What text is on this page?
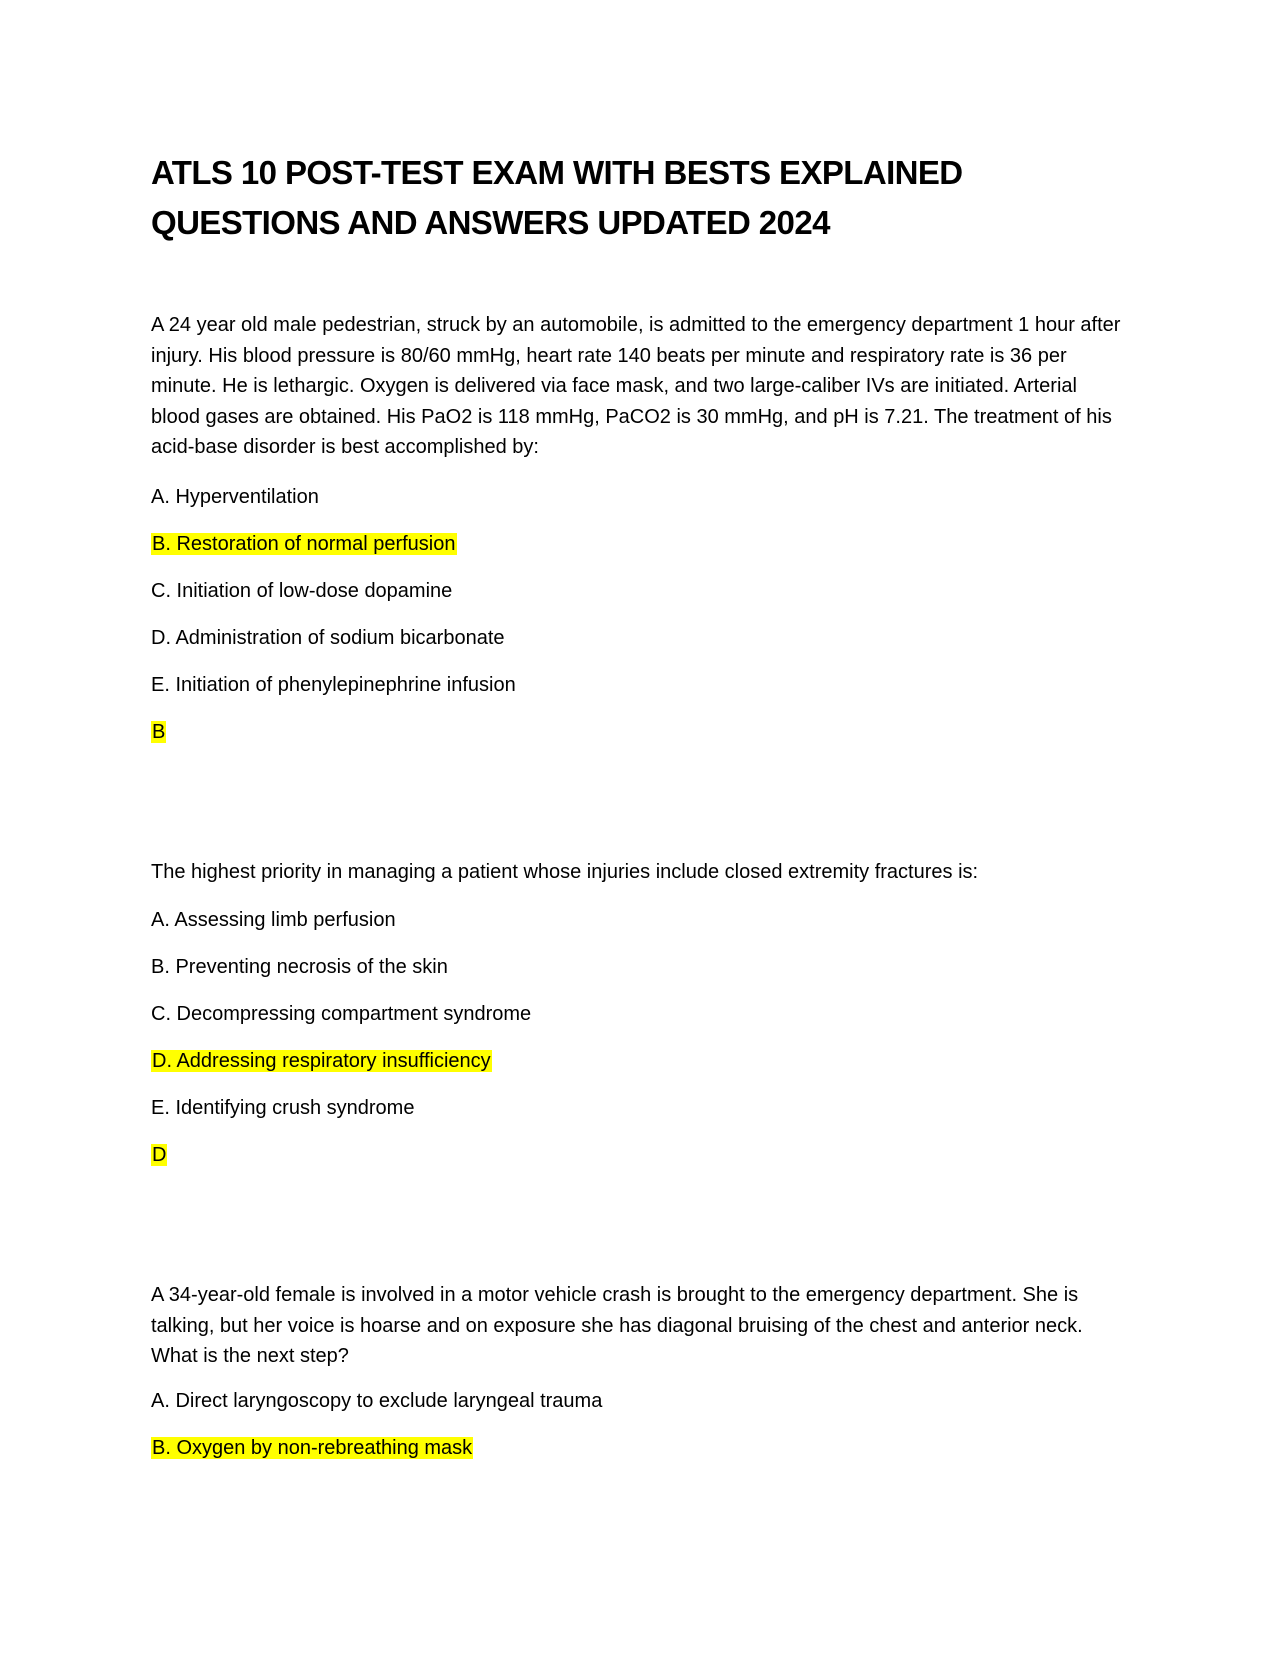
ATLS 10 POST-TEST EXAM WITH BESTS EXPLAINED QUESTIONS AND ANSWERS UPDATED 2024

A 24 year old male pedestrian, struck by an automobile, is admitted to the emergency department 1 hour after injury. His blood pressure is 80/60 mmHg, heart rate 140 beats per minute and respiratory rate is 36 per minute. He is lethargic. Oxygen is delivered via face mask, and two large-caliber IVs are initiated. Arterial blood gases are obtained. His PaO2 is 118 mmHg, PaCO2 is 30 mmHg, and pH is 7.21. The treatment of his acid-base disorder is best accomplished by:

A. Hyperventilation

B. Restoration of normal perfusion

C. Initiation of low-dose dopamine

D. Administration of sodium bicarbonate

E. Initiation of phenylepinephrine infusion

B

The highest priority in managing a patient whose injuries include closed extremity fractures is:

A. Assessing limb perfusion

B. Preventing necrosis of the skin

C. Decompressing compartment syndrome

D. Addressing respiratory insufficiency

E. Identifying crush syndrome

D

A 34-year-old female is involved in a motor vehicle crash is brought to the emergency department. She is talking, but her voice is hoarse and on exposure she has diagonal bruising of the chest and anterior neck. What is the next step?

A. Direct laryngoscopy to exclude laryngeal trauma

B. Oxygen by non-rebreathing mask
